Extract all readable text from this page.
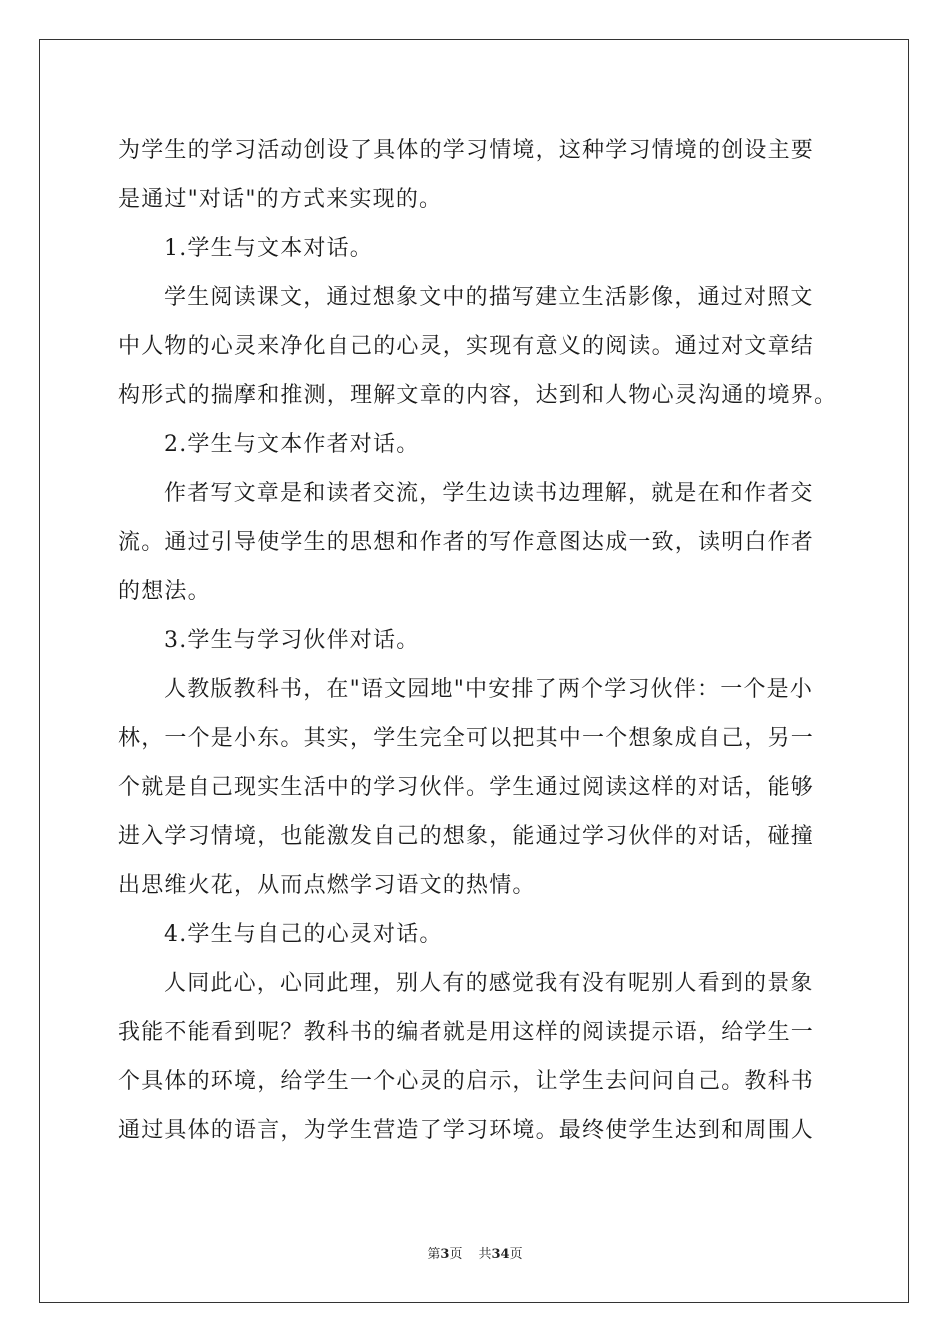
为学生的学习活动创设了具体的学习情境，这种学习情境的创设主要
是通过"对话"的方式来实现的。
1.学生与文本对话。
学生阅读课文，通过想象文中的描写建立生活影像，通过对照文
中人物的心灵来净化自己的心灵，实现有意义的阅读。通过对文章结
构形式的揣摩和推测，理解文章的内容，达到和人物心灵沟通的境界。
2.学生与文本作者对话。
作者写文章是和读者交流，学生边读书边理解，就是在和作者交
流。通过引导使学生的思想和作者的写作意图达成一致，读明白作者
的想法。
3.学生与学习伙伴对话。
人教版教科书，在"语文园地"中安排了两个学习伙伴：一个是小
林，一个是小东。其实，学生完全可以把其中一个想象成自己，另一
个就是自己现实生活中的学习伙伴。学生通过阅读这样的对话，能够
进入学习情境，也能激发自己的想象，能通过学习伙伴的对话，碰撞
出思维火花，从而点燃学习语文的热情。
4.学生与自己的心灵对话。
人同此心，心同此理，别人有的感觉我有没有呢别人看到的景象
我能不能看到呢？教科书的编者就是用这样的阅读提示语，给学生一
个具体的环境，给学生一个心灵的启示，让学生去问问自己。教科书
通过具体的语言，为学生营造了学习环境。最终使学生达到和周围人
第3页 共34页
